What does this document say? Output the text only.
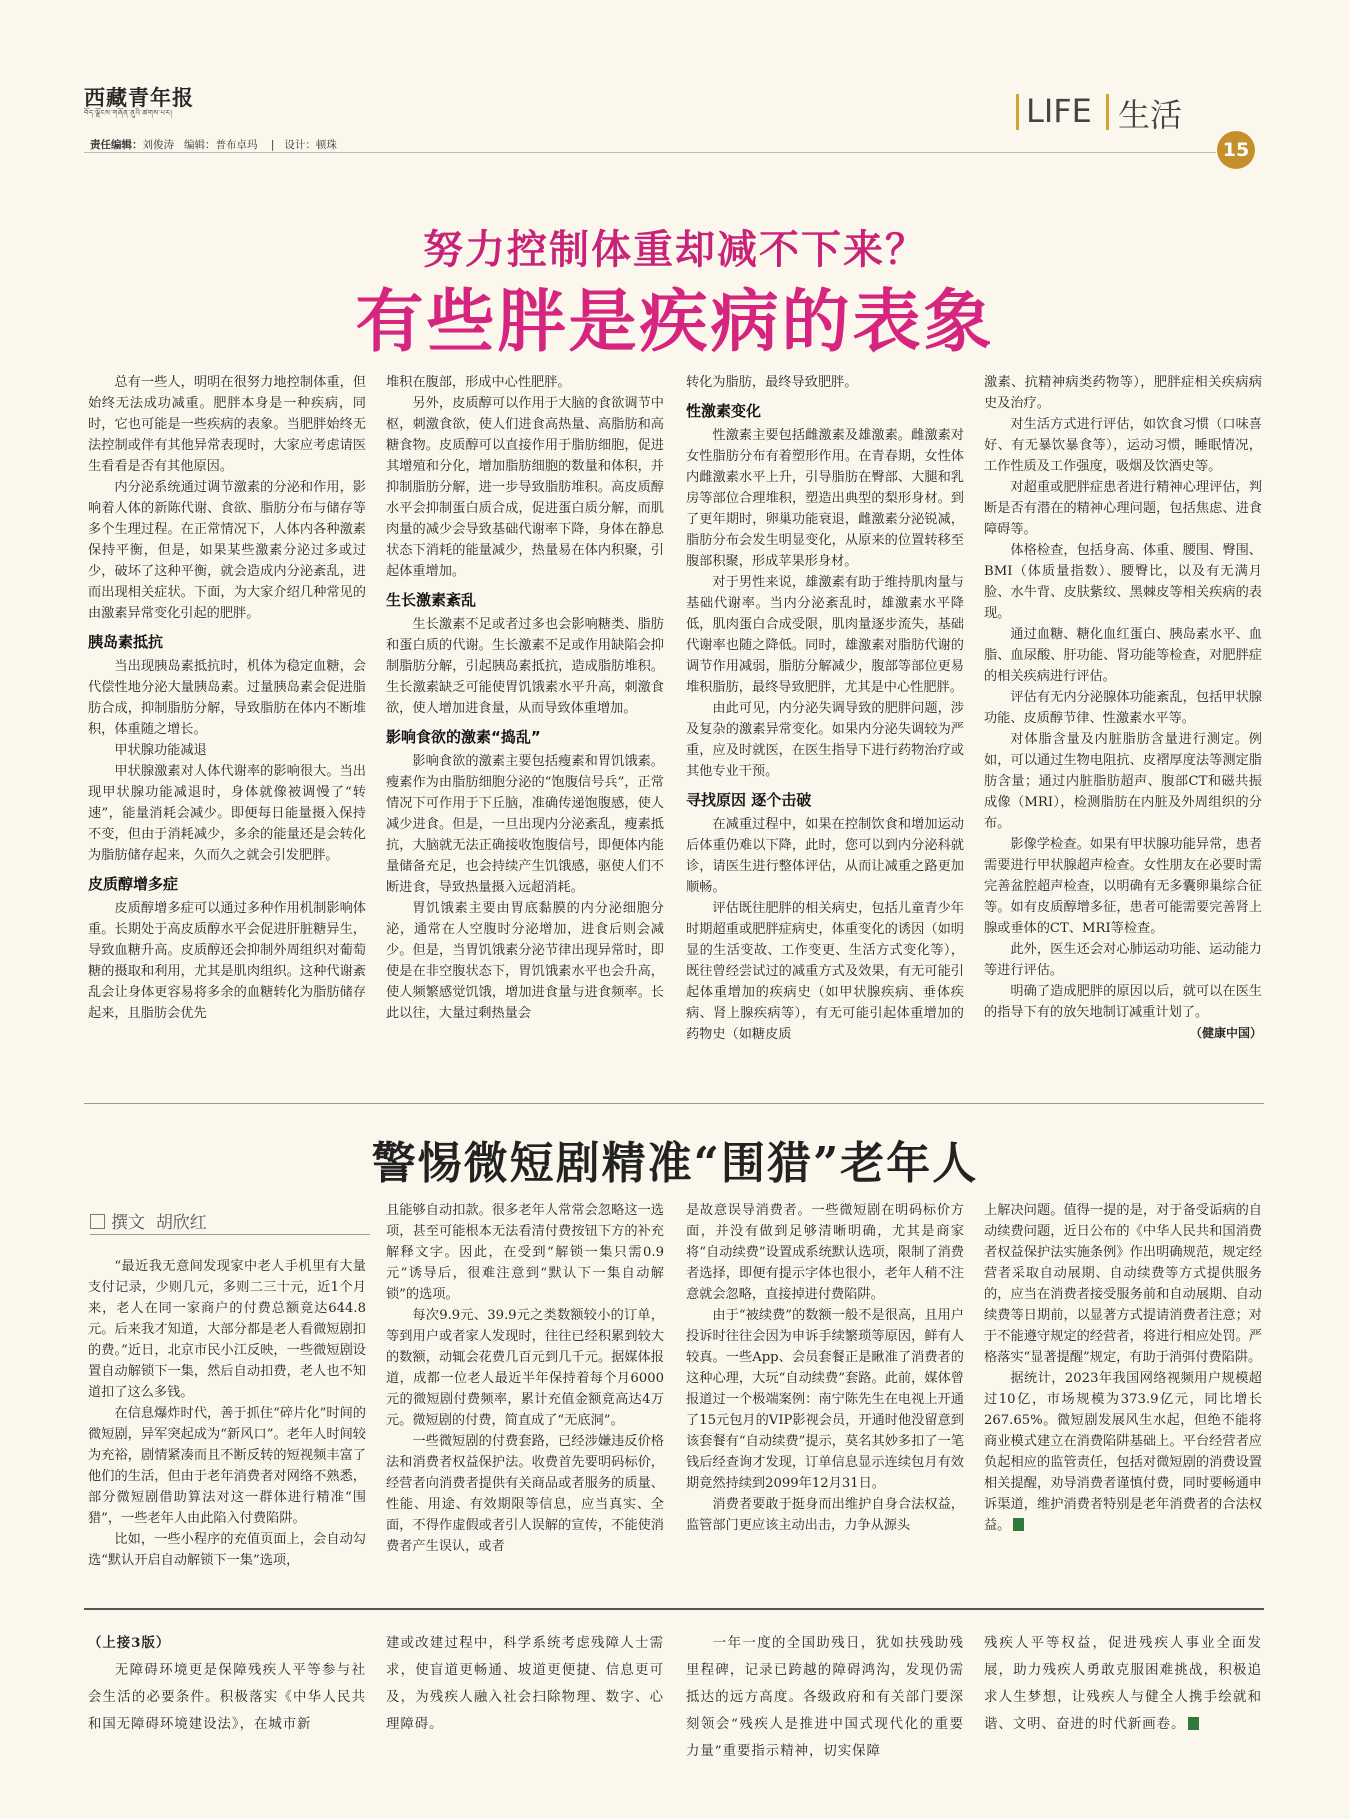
西藏青年报
བོད་ལྗོངས་གཞོན་ནུའི་ཚགས་པར།
责任编辑：刘俊涛 编辑：普布卓玛    |   设计：顿珠
LIFE 生活
15
努力控制体重却减不下来？
有些胖是疾病的表象

总有一些人，明明在很努力地控制体重，但始终无法成功减重。肥胖本身是一种疾病，同时，它也可能是一些疾病的表象。当肥胖始终无法控制或伴有其他异常表现时，大家应考虑请医生看看是否有其他原因。

内分泌系统通过调节激素的分泌和作用，影响着人体的新陈代谢、食欲、脂肪分布与储存等多个生理过程。在正常情况下，人体内各种激素保持平衡，但是，如果某些激素分泌过多或过少，破坏了这种平衡，就会造成内分泌紊乱，进而出现相关症状。下面，为大家介绍几种常见的由激素异常变化引起的肥胖。

胰岛素抵抗

当出现胰岛素抵抗时，机体为稳定血糖，会代偿性地分泌大量胰岛素。过量胰岛素会促进脂肪合成，抑制脂肪分解，导致脂肪在体内不断堆积，体重随之增长。

甲状腺功能减退

甲状腺激素对人体代谢率的影响很大。当出现甲状腺功能减退时，身体就像被调慢了“转速”，能量消耗会减少。即便每日能量摄入保持不变，但由于消耗减少，多余的能量还是会转化为脂肪储存起来，久而久之就会引发肥胖。

皮质醇增多症

皮质醇增多症可以通过多种作用机制影响体重。长期处于高皮质醇水平会促进肝脏糖异生，导致血糖升高。皮质醇还会抑制外周组织对葡萄糖的摄取和利用，尤其是肌肉组织。这种代谢紊乱会让身体更容易将多余的血糖转化为脂肪储存起来，且脂肪会优先

堆积在腹部，形成中心性肥胖。

另外，皮质醇可以作用于大脑的食欲调节中枢，刺激食欲，使人们进食高热量、高脂肪和高糖食物。皮质醇可以直接作用于脂肪细胞，促进其增殖和分化，增加脂肪细胞的数量和体积，并抑制脂肪分解，进一步导致脂肪堆积。高皮质醇水平会抑制蛋白质合成，促进蛋白质分解，而肌肉量的减少会导致基础代谢率下降，身体在静息状态下消耗的能量减少，热量易在体内积聚，引起体重增加。

生长激素紊乱

生长激素不足或者过多也会影响糖类、脂肪和蛋白质的代谢。生长激素不足或作用缺陷会抑制脂肪分解，引起胰岛素抵抗，造成脂肪堆积。生长激素缺乏可能使胃饥饿素水平升高，刺激食欲，使人增加进食量，从而导致体重增加。

影响食欲的激素“捣乱”

影响食欲的激素主要包括瘦素和胃饥饿素。瘦素作为由脂肪细胞分泌的“饱腹信号兵”，正常情况下可作用于下丘脑，准确传递饱腹感，使人减少进食。但是，一旦出现内分泌紊乱，瘦素抵抗，大脑就无法正确接收饱腹信号，即便体内能量储备充足，也会持续产生饥饿感，驱使人们不断进食，导致热量摄入远超消耗。

胃饥饿素主要由胃底黏膜的内分泌细胞分泌，通常在人空腹时分泌增加，进食后则会减少。但是，当胃饥饿素分泌节律出现异常时，即使是在非空腹状态下，胃饥饿素水平也会升高，使人频繁感觉饥饿，增加进食量与进食频率。长此以往，大量过剩热量会

转化为脂肪，最终导致肥胖。

性激素变化

性激素主要包括雌激素及雄激素。雌激素对女性脂肪分布有着塑形作用。在青春期，女性体内雌激素水平上升，引导脂肪在臀部、大腿和乳房等部位合理堆积，塑造出典型的梨形身材。到了更年期时，卵巢功能衰退，雌激素分泌锐减，脂肪分布会发生明显变化，从原来的位置转移至腹部积聚，形成苹果形身材。

对于男性来说，雄激素有助于维持肌肉量与基础代谢率。当内分泌紊乱时，雄激素水平降低，肌肉蛋白合成受限，肌肉量逐步流失，基础代谢率也随之降低。同时，雄激素对脂肪代谢的调节作用减弱，脂肪分解减少，腹部等部位更易堆积脂肪，最终导致肥胖，尤其是中心性肥胖。

由此可见，内分泌失调导致的肥胖问题，涉及复杂的激素异常变化。如果内分泌失调较为严重，应及时就医，在医生指导下进行药物治疗或其他专业干预。

寻找原因 逐个击破

在减重过程中，如果在控制饮食和增加运动后体重仍难以下降，此时，您可以到内分泌科就诊，请医生进行整体评估，从而让减重之路更加顺畅。

评估既往肥胖的相关病史，包括儿童青少年时期超重或肥胖症病史，体重变化的诱因（如明显的生活变故、工作变更、生活方式变化等），既往曾经尝试过的减重方式及效果，有无可能引起体重增加的疾病史（如甲状腺疾病、垂体疾病、肾上腺疾病等），有无可能引起体重增加的药物史（如糖皮质

激素、抗精神病类药物等），肥胖症相关疾病病史及治疗。

对生活方式进行评估，如饮食习惯（口味喜好、有无暴饮暴食等），运动习惯，睡眠情况，工作性质及工作强度，吸烟及饮酒史等。

对超重或肥胖症患者进行精神心理评估，判断是否有潜在的精神心理问题，包括焦虑、进食障碍等。

体格检查，包括身高、体重、腰围、臀围、BMI（体质量指数）、腰臀比，以及有无满月脸、水牛背、皮肤紫纹、黑棘皮等相关疾病的表现。

通过血糖、糖化血红蛋白、胰岛素水平、血脂、血尿酸、肝功能、肾功能等检查，对肥胖症的相关疾病进行评估。

评估有无内分泌腺体功能紊乱，包括甲状腺功能、皮质醇节律、性激素水平等。

对体脂含量及内脏脂肪含量进行测定。例如，可以通过生物电阻抗、皮褶厚度法等测定脂肪含量；通过内脏脂肪超声、腹部CT和磁共振成像（MRI），检测脂肪在内脏及外周组织的分布。

影像学检查。如果有甲状腺功能异常，患者需要进行甲状腺超声检查。女性朋友在必要时需完善盆腔超声检查，以明确有无多囊卵巢综合征等。如有皮质醇增多征，患者可能需要完善肾上腺或垂体的CT、MRI等检查。

此外，医生还会对心肺运动功能、运动能力等进行评估。

明确了造成肥胖的原因以后，就可以在医生的指导下有的放矢地制订减重计划了。

（健康中国）

警惕微短剧精准“围猎”老年人
撰文 胡欣红

“最近我无意间发现家中老人手机里有大量支付记录，少则几元，多则二三十元，近1个月来，老人在同一家商户的付费总额竟达644.8元。后来我才知道，大部分都是老人看微短剧扣的费。”近日，北京市民小江反映，一些微短剧设置自动解锁下一集，然后自动扣费，老人也不知道扣了这么多钱。

在信息爆炸时代，善于抓住“碎片化”时间的微短剧，异军突起成为“新风口”。老年人时间较为充裕，剧情紧凑而且不断反转的短视频丰富了他们的生活，但由于老年消费者对网络不熟悉，部分微短剧借助算法对这一群体进行精准“围猎”，一些老年人由此陷入付费陷阱。

比如，一些小程序的充值页面上，会自动勾选“默认开启自动解锁下一集”选项，

且能够自动扣款。很多老年人常常会忽略这一选项，甚至可能根本无法看清付费按钮下方的补充解释文字。因此，在受到“解锁一集只需0.9元”诱导后，很难注意到“默认下一集自动解锁”的选项。

每次9.9元、39.9元之类数额较小的订单，等到用户或者家人发现时，往往已经积累到较大的数额，动辄会花费几百元到几千元。据媒体报道，成都一位老人最近半年保持着每个月6000元的微短剧付费频率，累计充值金额竟高达4万元。微短剧的付费，简直成了“无底洞”。

一些微短剧的付费套路，已经涉嫌违反价格法和消费者权益保护法。收费首先要明码标价，经营者向消费者提供有关商品或者服务的质量、性能、用途、有效期限等信息，应当真实、全面，不得作虚假或者引人误解的宣传，不能使消费者产生误认，或者

是故意误导消费者。一些微短剧在明码标价方面，并没有做到足够清晰明确，尤其是商家将“自动续费”设置成系统默认选项，限制了消费者选择，即便有提示字体也很小，老年人稍不注意就会忽略，直接掉进付费陷阱。

由于“被续费”的数额一般不是很高，且用户投诉时往往会因为申诉手续繁琐等原因，鲜有人较真。一些App、会员套餐正是瞅准了消费者的这种心理，大玩“自动续费”套路。此前，媒体曾报道过一个极端案例：南宁陈先生在电视上开通了15元包月的VIP影视会员，开通时他没留意到该套餐有“自动续费”提示，莫名其妙多扣了一笔钱后经查询才发现，订单信息显示连续包月有效期竟然持续到2099年12月31日。

消费者要敢于挺身而出维护自身合法权益，监管部门更应该主动出击，力争从源头

上解决问题。值得一提的是，对于备受诟病的自动续费问题，近日公布的《中华人民共和国消费者权益保护法实施条例》作出明确规范，规定经营者采取自动展期、自动续费等方式提供服务的，应当在消费者接受服务前和自动展期、自动续费等日期前，以显著方式提请消费者注意；对于不能遵守规定的经营者，将进行相应处罚。严格落实“显著提醒”规定，有助于消弭付费陷阱。

据统计，2023年我国网络视频用户规模超过10亿，市场规模为373.9亿元，同比增长267.65%。微短剧发展风生水起，但绝不能将商业模式建立在消费陷阱基础上。平台经营者应负起相应的监管责任，包括对微短剧的消费设置相关提醒，劝导消费者谨慎付费，同时要畅通申诉渠道，维护消费者特别是老年消费者的合法权益。

（上接3版）

无障碍环境更是保障残疾人平等参与社会生活的必要条件。积极落实《中华人民共和国无障碍环境建设法》，在城市新

建或改建过程中，科学系统考虑残障人士需求，使盲道更畅通、坡道更便捷、信息更可及，为残疾人融入社会扫除物理、数字、心理障碍。

一年一度的全国助残日，犹如扶残助残里程碑，记录已跨越的障碍鸿沟，发现仍需抵达的远方高度。各级政府和有关部门要深刻领会“残疾人是推进中国式现代化的重要力量”重要指示精神，切实保障

残疾人平等权益，促进残疾人事业全面发展，助力残疾人勇敢克服困难挑战，积极追求人生梦想，让残疾人与健全人携手绘就和谐、文明、奋进的时代新画卷。
